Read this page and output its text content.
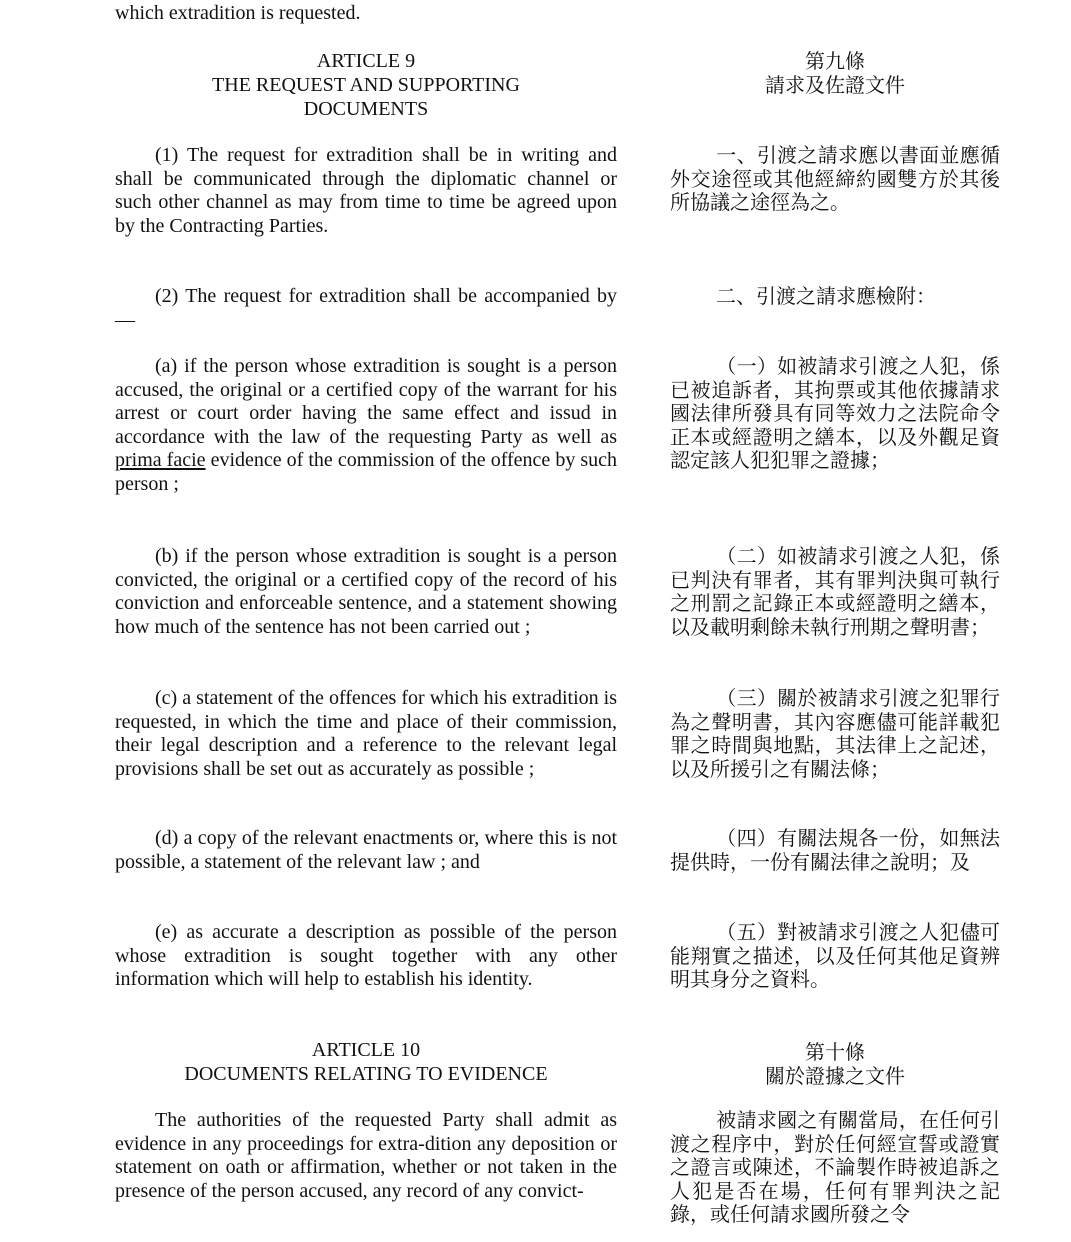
which extradition is requested.
ARTICLE 9
THE REQUEST AND SUPPORTING
DOCUMENTS
第九條
請求及佐證文件
(1) The request for extradition shall be in writing and shall be communicated through the diplomatic channel or such other channel as may from time to time be agreed upon by the Contracting Parties.
一、引渡之請求應以書面並應循外交途徑或其他經締約國雙方於其後所協議之途徑為之。
(2) The request for extradition shall be accompanied by —
二、引渡之請求應檢附：
(a) if the person whose extradition is sought is a person accused, the original or a certified copy of the warrant for his arrest or court order having the same effect and issud in accordance with the law of the requesting Party as well as prima facie evidence of the commission of the offence by such person ;
（一）如被請求引渡之人犯，係已被追訴者，其拘票或其他依據請求國法律所發具有同等效力之法院命令正本或經證明之繕本，以及外觀足資認定該人犯犯罪之證據；
(b) if the person whose extradition is sought is a person convicted, the original or a certified copy of the record of his conviction and enforceable sentence, and a statement showing how much of the sentence has not been carried out ;
（二）如被請求引渡之人犯，係已判決有罪者，其有罪判決與可執行之刑罰之記錄正本或經證明之繕本，以及載明剩餘未執行刑期之聲明書；
(c) a statement of the offences for which his extradition is requested, in which the time and place of their commission, their legal description and a reference to the relevant legal provisions shall be set out as accurately as possible ;
（三）關於被請求引渡之犯罪行為之聲明書，其內容應儘可能詳載犯罪之時間與地點，其法律上之記述，以及所援引之有關法條；
(d) a copy of the relevant enactments or, where this is not possible, a statement of the relevant law ; and
（四）有關法規各一份，如無法提供時，一份有關法律之說明；及
(e) as accurate a description as possible of the person whose extradition is sought together with any other information which will help to establish his identity.
（五）對被請求引渡之人犯儘可能翔實之描述，以及任何其他足資辨明其身分之資料。
ARTICLE 10
DOCUMENTS RELATING TO EVIDENCE
第十條
關於證據之文件
The authorities of the requested Party shall admit as evidence in any proceedings for extra-dition any deposition or statement on oath or affirmation, whether or not taken in the presence of the person accused, any record of any convict-
被請求國之有關當局，在任何引渡之程序中，對於任何經宣誓或證實之證言或陳述，不論製作時被追訴之人犯是否在場，任何有罪判決之記錄，或任何請求國所發之令
